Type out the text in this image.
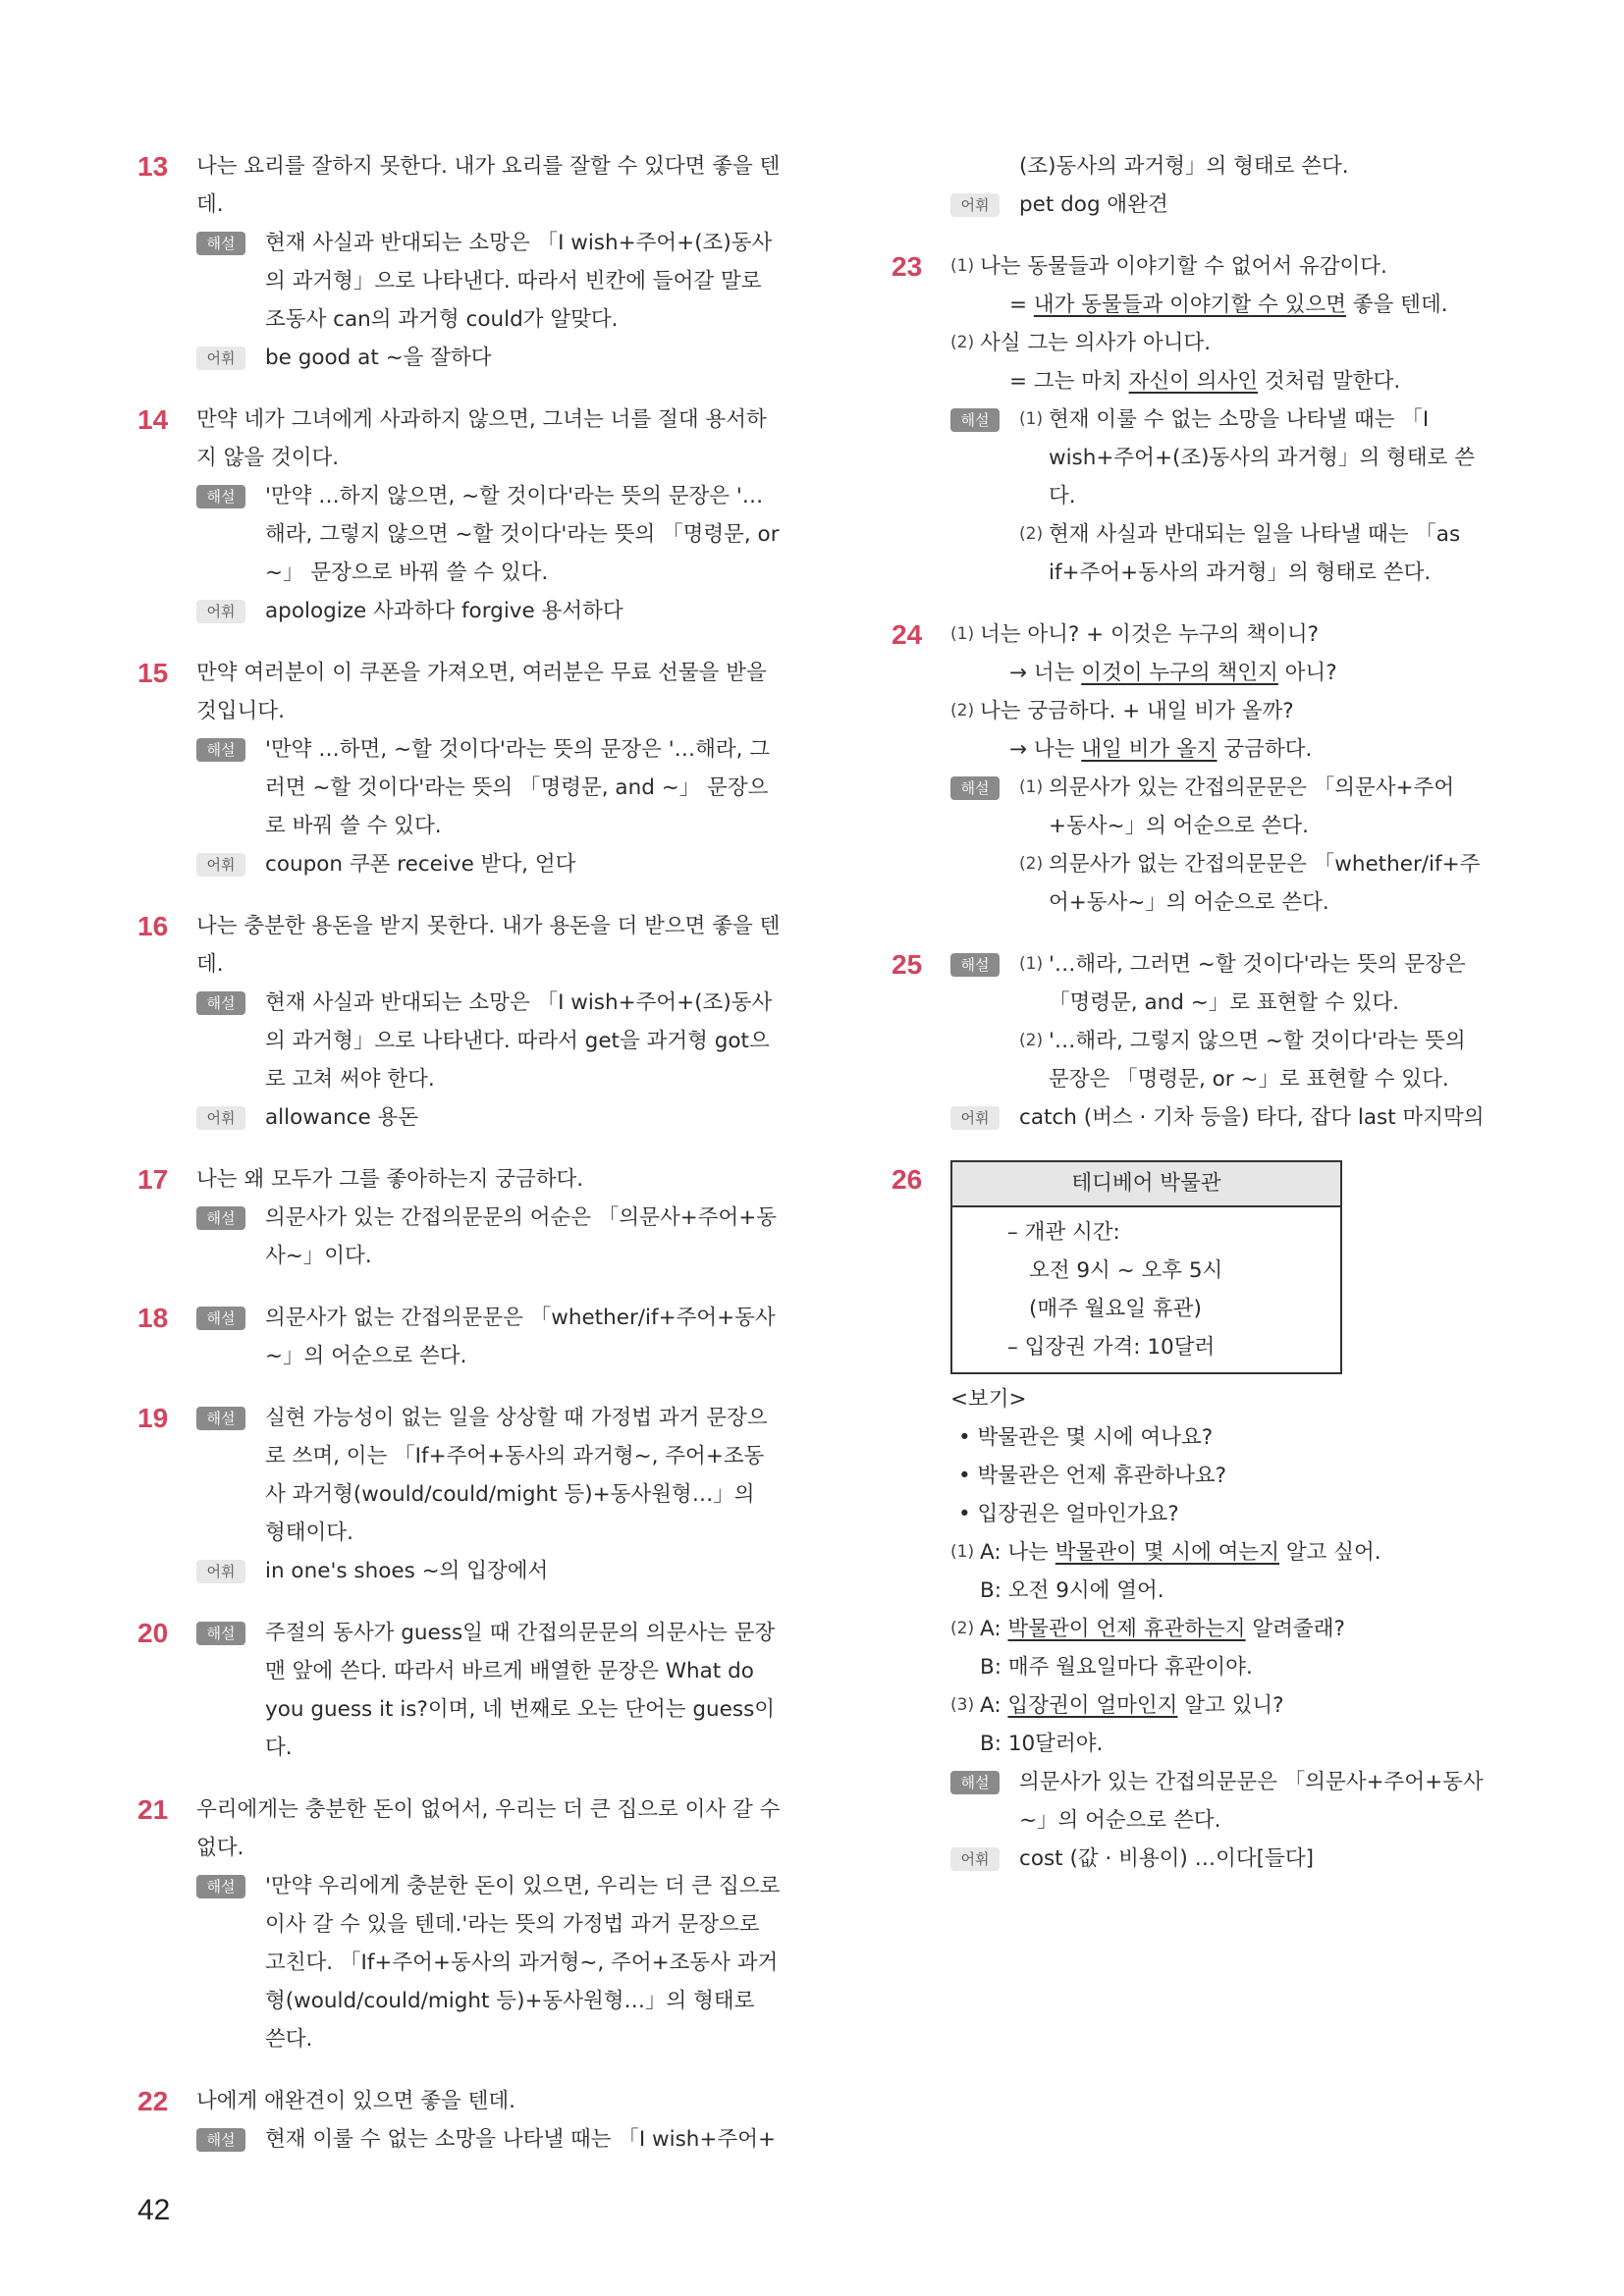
13 나는 요리를 잘하지 못한다. 내가 요리를 잘할 수 있다면 좋을 텐데.

해설	현재 사실과 반대되는 소망은 「I wish+주어+(조)동사의 과거형」으로 나타낸다. 따라서 빈칸에 들어갈 말로 조동사 can의 과거형 could가 알맞다.
어휘	be good at ~을 잘하다
14 만약 네가 그녀에게 사과하지 않으면, 그녀는 너를 절대 용서하지 않을 것이다.

해설	'만약 …하지 않으면, ~할 것이다'라는 뜻의 문장은 '…해라, 그렇지 않으면 ~할 것이다'라는 뜻의 「명령문, or ~」 문장으로 바꿔 쓸 수 있다.
어휘	apologize 사과하다 forgive 용서하다
15 만약 여러분이 이 쿠폰을 가져오면, 여러분은 무료 선물을 받을 것입니다.

해설	'만약 …하면, ~할 것이다'라는 뜻의 문장은 '…해라, 그러면 ~할 것이다'라는 뜻의 「명령문, and ~」 문장으로 바꿔 쓸 수 있다.
어휘	coupon 쿠폰 receive 받다, 얻다
16 나는 충분한 용돈을 받지 못한다. 내가 용돈을 더 받으면 좋을 텐데.

해설	현재 사실과 반대되는 소망은 「I wish+주어+(조)동사의 과거형」으로 나타낸다. 따라서 get을 과거형 got으로 고쳐 써야 한다.
어휘	allowance 용돈
17 나는 왜 모두가 그를 좋아하는지 궁금하다.

해설	의문사가 있는 간접의문문의 어순은 「의문사+주어+동사~」이다.
18	해설	의문사가 없는 간접의문문은 「whether/if+주어+동사~」의 어순으로 쓴다.
19	해설	실현 가능성이 없는 일을 상상할 때 가정법 과거 문장으로 쓰며, 이는 「If+주어+동사의 과거형~, 주어+조동사 과거형(would/could/might 등)+동사원형…」의 형태이다.
어휘	in one's shoes ~의 입장에서
20	해설	주절의 동사가 guess일 때 간접의문문의 의문사는 문장 맨 앞에 쓴다. 따라서 바르게 배열한 문장은 What do you guess it is?이며, 네 번째로 오는 단어는 guess이다.
21 우리에게는 충분한 돈이 없어서, 우리는 더 큰 집으로 이사 갈 수 없다.

해설	'만약 우리에게 충분한 돈이 있으면, 우리는 더 큰 집으로 이사 갈 수 있을 텐데.'라는 뜻의 가정법 과거 문장으로 고친다. 「If+주어+동사의 과거형~, 주어+조동사 과거형(would/could/might 등)+동사원형…」의 형태로 쓴다.
22 나에게 애완견이 있으면 좋을 텐데.

해설	현재 이룰 수 없는 소망을 나타낼 때는 「I wish+주어+
(조)동사의 과거형」의 형태로 쓴다.
어휘	pet dog 애완견
23 (1) 나는 동물들과 이야기할 수 없어서 유감이다.
= 내가 동물들과 이야기할 수 있으면 좋을 텐데.
(2) 사실 그는 의사가 아니다.
= 그는 마치 자신이 의사인 것처럼 말한다.
해설	(1) 현재 이룰 수 없는 소망을 나타낼 때는 「I wish+주어+(조)동사의 과거형」의 형태로 쓴다.
(2) 현재 사실과 반대되는 일을 나타낼 때는 「as if+주어+동사의 과거형」의 형태로 쓴다.
24 (1) 너는 아니? + 이것은 누구의 책이니?
→ 너는 이것이 누구의 책인지 아니?
(2) 나는 궁금하다. + 내일 비가 올까?
→ 나는 내일 비가 올지 궁금하다.
해설	(1) 의문사가 있는 간접의문문은 「의문사+주어+동사~」의 어순으로 쓴다.
(2) 의문사가 없는 간접의문문은 「whether/if+주어+동사~」의 어순으로 쓴다.
25	해설	(1) '…해라, 그러면 ~할 것이다'라는 뜻의 문장은 「명령문, and ~」로 표현할 수 있다.
(2) '…해라, 그렇지 않으면 ~할 것이다'라는 뜻의 문장은 「명령문, or ~」로 표현할 수 있다.
어휘	catch (버스 · 기차 등을) 타다, 잡다 last 마지막의
26	테디베어 박물관
– 개관 시간:
오전 9시 ~ 오후 5시
(매주 월요일 휴관)
– 입장권 가격: 10달러
<보기>
• 박물관은 몇 시에 여나요?
• 박물관은 언제 휴관하나요?
• 입장권은 얼마인가요?
(1) A: 나는 박물관이 몇 시에 여는지 알고 싶어.
B: 오전 9시에 열어.
(2) A: 박물관이 언제 휴관하는지 알려줄래?
B: 매주 월요일마다 휴관이야.
(3) A: 입장권이 얼마인지 알고 있니?
B: 10달러야.
해설	의문사가 있는 간접의문문은 「의문사+주어+동사~」의 어순으로 쓴다.
어휘	cost (값 · 비용이) …이다[들다]
42
